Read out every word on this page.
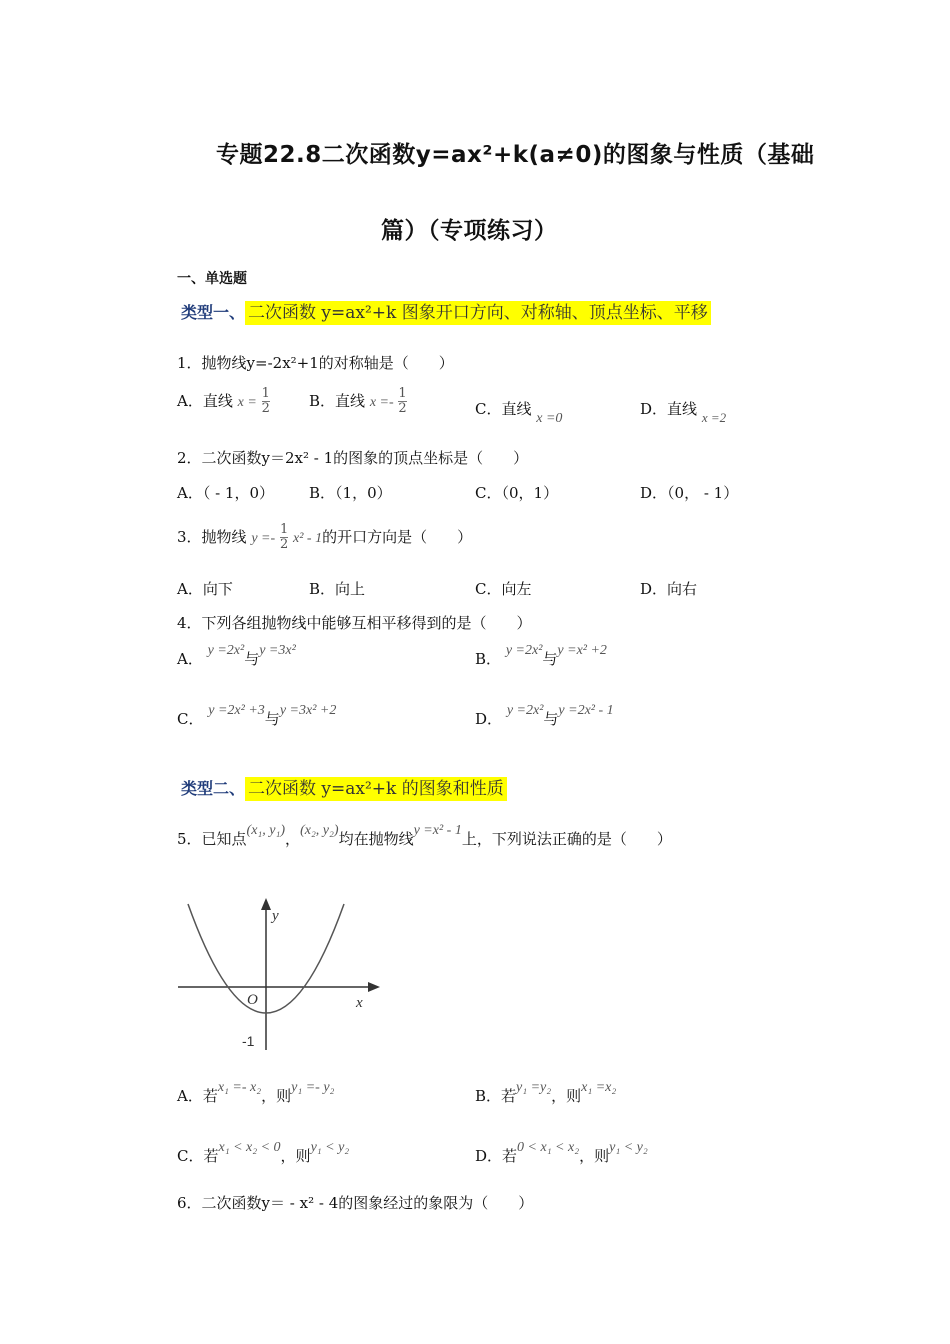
专题22.8二次函数y=ax²+k(a≠0)的图象与性质（基础
篇）（专项练习）
一、单选题
类型一、 二次函数 y=ax²+k 图象开口方向、对称轴、顶点坐标、平移
1．抛物线y=-2x²+1的对称轴是（　　）
A．直线 $x = \frac{1}{2}$	B．直线 $x =- \frac{1}{2}$	C．直线 x =0
D．直线 x =2
2．二次函数y＝2x² - 1的图象的顶点坐标是（　　）
A．（ - 1，0） B．（1，0）	C．（0，1）	D．（0， - 1）
3．抛物线 $y =- \frac{1}{2} x^2 - 1$的开口方向是（　　）
A．向下	B．向上	C．向左	D．向右
4．下列各组抛物线中能够互相平移得到的是（　　）
A． y =2x²与y =3x²	B． y =2x²与y =x² +2
C． y =2x² +3与y =3x² +2	D． y =2x²与y =2x² - 1
类型二、 二次函数 y=ax²+k 的图象和性质
5．已知点(x₁, y₁)，(x₂, y₂)均在抛物线y =x² - 1上，下列说法正确的是（　　）
y
x
O
-1
A．若x₁ =- x₂，则y₁ =- y₂	B．若y₁ =y₂，则x₁ =x₂
C．若x₁ < x₂ < 0，则y₁ < y₂	D．若0 < x₁ < x₂，则y₁ < y₂
6．二次函数y＝ - x² - 4的图象经过的象限为（　　）
